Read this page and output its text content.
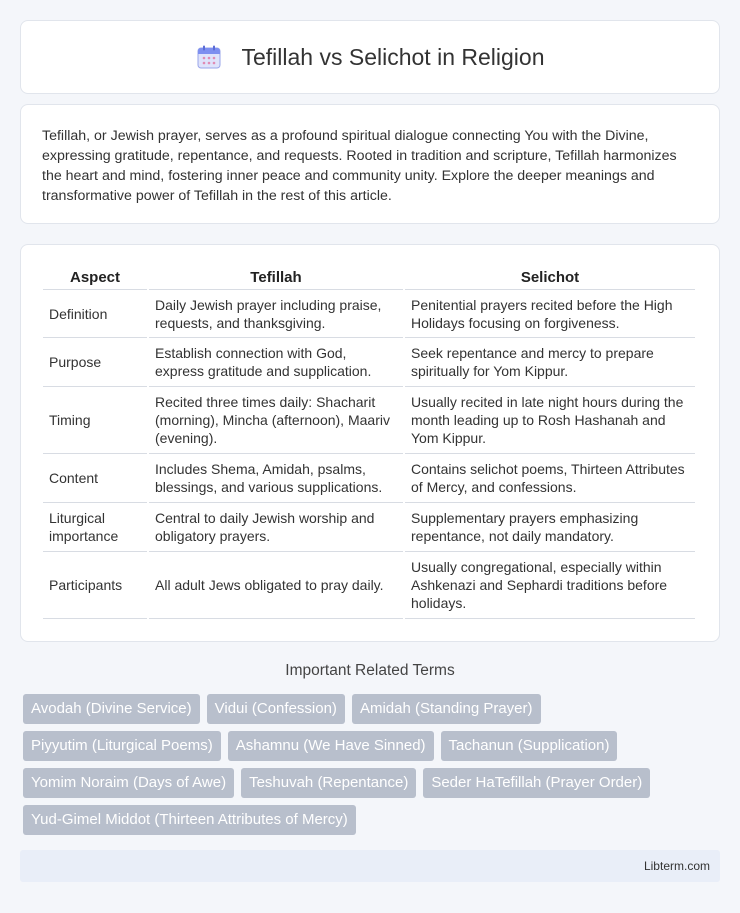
Tefillah vs Selichot in Religion

Tefillah, or Jewish prayer, serves as a profound spiritual dialogue connecting You with the Divine, expressing gratitude, repentance, and requests. Rooted in tradition and scripture, Tefillah harmonizes the heart and mind, fostering inner peace and community unity. Explore the deeper meanings and transformative power of Tefillah in the rest of this article.

Aspect	Tefillah	Selichot
Definition	Daily Jewish prayer including praise, requests, and thanksgiving.	Penitential prayers recited before the High Holidays focusing on forgiveness.
Purpose	Establish connection with God, express gratitude and supplication.	Seek repentance and mercy to prepare spiritually for Yom Kippur.
Timing	Recited three times daily: Shacharit (morning), Mincha (afternoon), Maariv (evening).	Usually recited in late night hours during the month leading up to Rosh Hashanah and Yom Kippur.
Content	Includes Shema, Amidah, psalms, blessings, and various supplications.	Contains selichot poems, Thirteen Attributes of Mercy, and confessions.
Liturgical importance	Central to daily Jewish worship and obligatory prayers.	Supplementary prayers emphasizing repentance, not daily mandatory.
Participants	All adult Jews obligated to pray daily.	Usually congregational, especially within Ashkenazi and Sephardi traditions before holidays.
Important Related Terms
Avodah (Divine Service)	Vidui (Confession)	Amidah (Standing Prayer)
Piyyutim (Liturgical Poems)	Ashamnu (We Have Sinned)	Tachanun (Supplication)
Yomim Noraim (Days of Awe)	Teshuvah (Repentance)	Seder HaTefillah (Prayer Order)
Yud-Gimel Middot (Thirteen Attributes of Mercy)
Libterm.com
